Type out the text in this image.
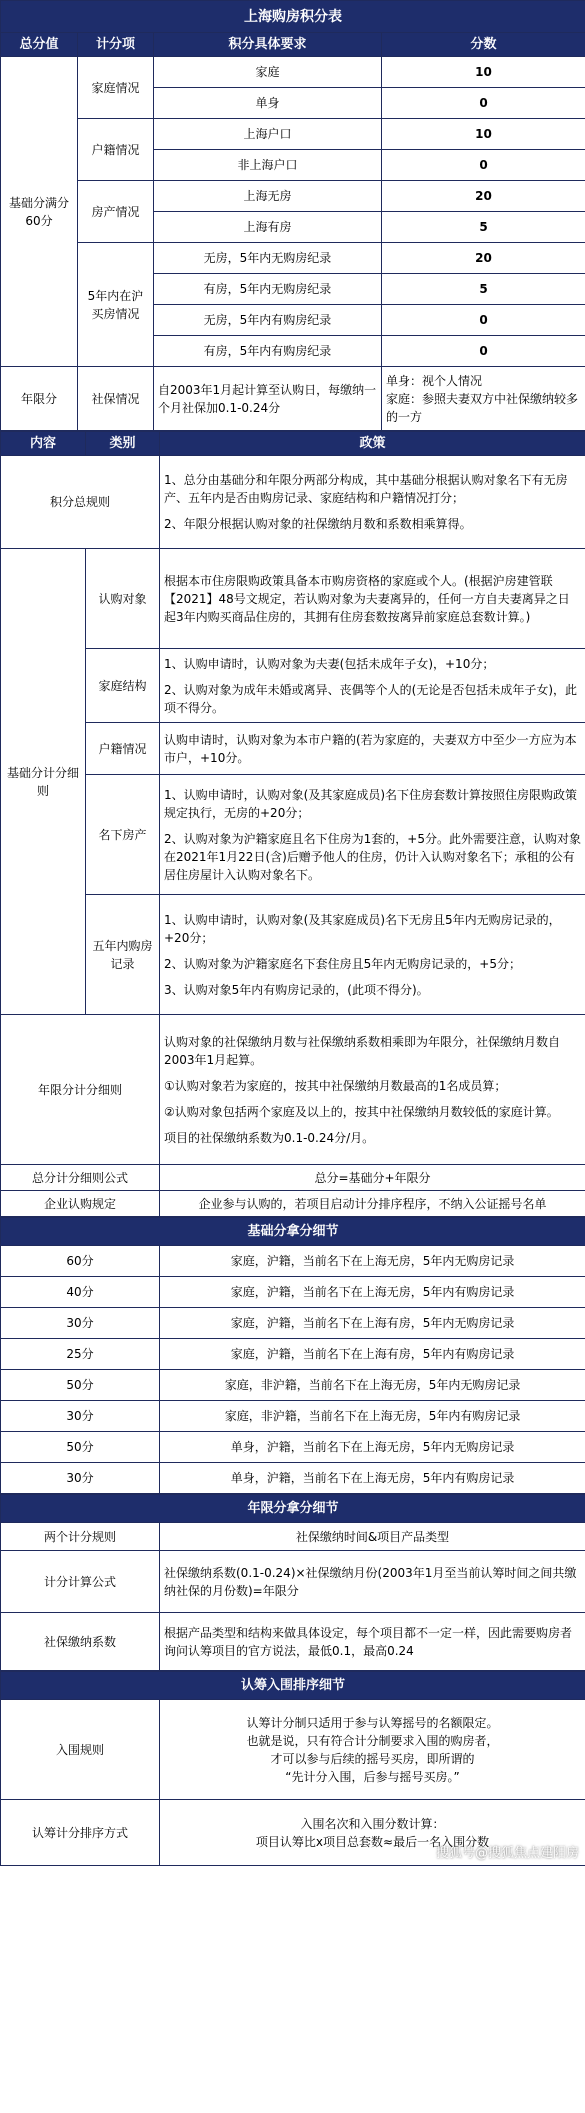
上海购房积分表			
总分值	计分项	积分具体要求	分数
基础分满分60分	家庭情况	家庭	10
		单身	0
	户籍情况	上海户口	10
		非上海户口	0
	房产情况	上海无房	20
		上海有房	5
	5年内在沪买房情况	无房，5年内无购房纪录	20
		有房，5年内无购房纪录	5
		无房，5年内有购房纪录	0
		有房，5年内有购房纪录	0
年限分	社保情况	自2003年1月起计算至认购日，每缴纳一个月社保加0.1-0.24分	单身：视个人情况

家庭：参照夫妻双方中社保缴纳较多的一方

内容	类别	政策
积分总规则		1、总分由基础分和年限分两部分构成，其中基础分根据认购对象名下有无房产、五年内是否由购房记录、家庭结构和户籍情况打分；

2、年限分根据认购对象的社保缴纳月数和系数相乘算得。

基础分计分细则	认购对象	根据本市住房限购政策具备本市购房资格的家庭或个人。(根据沪房建管联【2021】48号文规定，若认购对象为夫妻离异的，任何一方自夫妻离异之日起3年内购买商品住房的，其拥有住房套数按离异前家庭总套数计算。)

	家庭结构	1、认购申请时，认购对象为夫妻(包括未成年子女)，+10分；

2、认购对象为成年未婚或离异、丧偶等个人的(无论是否包括未成年子女)，此项不得分。

	户籍情况	认购申请时，认购对象为本市户籍的(若为家庭的，夫妻双方中至少一方应为本市户，+10分。

	名下房产	1、认购申请时，认购对象(及其家庭成员)名下住房套数计算按照住房限购政策规定执行，无房的+20分；

2、认购对象为沪籍家庭且名下住房为1套的，+5分。此外需要注意，认购对象在2021年1月22日(含)后赠予他人的住房，仍计入认购对象名下；承租的公有居住房屋计入认购对象名下。

	五年内购房记录	1、认购申请时，认购对象(及其家庭成员)名下无房且5年内无购房记录的，+20分；

2、认购对象为沪籍家庭名下套住房且5年内无购房记录的，+5分；

3、认购对象5年内有购房记录的，(此项不得分)。

年限分计分细则		认购对象的社保缴纳月数与社保缴纳系数相乘即为年限分，社保缴纳月数自2003年1月起算。

①认购对象若为家庭的，按其中社保缴纳月数最高的1名成员算；

②认购对象包括两个家庭及以上的，按其中社保缴纳月数较低的家庭计算。

项目的社保缴纳系数为0.1-0.24分/月。

总分计分细则公式		总分=基础分+年限分
企业认购规定		企业参与认购的，若项目启动计分排序程序，不纳入公证摇号名单
基础分拿分细节	
60分	家庭，沪籍，当前名下在上海无房，5年内无购房记录
40分	家庭，沪籍，当前名下在上海无房，5年内有购房记录
30分	家庭，沪籍，当前名下在上海有房，5年内无购房记录
25分	家庭，沪籍，当前名下在上海有房，5年内有购房记录
50分	家庭，非沪籍，当前名下在上海无房，5年内无购房记录
30分	家庭，非沪籍，当前名下在上海无房，5年内有购房记录
50分	单身，沪籍，当前名下在上海无房，5年内无购房记录
30分	单身，沪籍，当前名下在上海无房，5年内有购房记录
年限分拿分细节	
两个计分规则	社保缴纳时间&项目产品类型
计分计算公式	社保缴纳系数(0.1-0.24)×社保缴纳月份(2003年1月至当前认筹时间之间共缴纳社保的月份数)=年限分
社保缴纳系数	根据产品类型和结构来做具体设定，每个项目都不一定一样，因此需要购房者询问认筹项目的官方说法，最低0.1，最高0.24
认筹入围排序细节	
入围规则	认筹计分制只适用于参与认筹摇号的名额限定。

也就是说，只有符合计分制要求入围的购房者，

才可以参与后续的摇号买房，即所谓的

“先计分入围，后参与摇号买房。”

认筹计分排序方式	入围名次和入围分数计算：

项目认筹比x项目总套数≈最后一名入围分数

搜狐号@搜狐焦点建阳房
